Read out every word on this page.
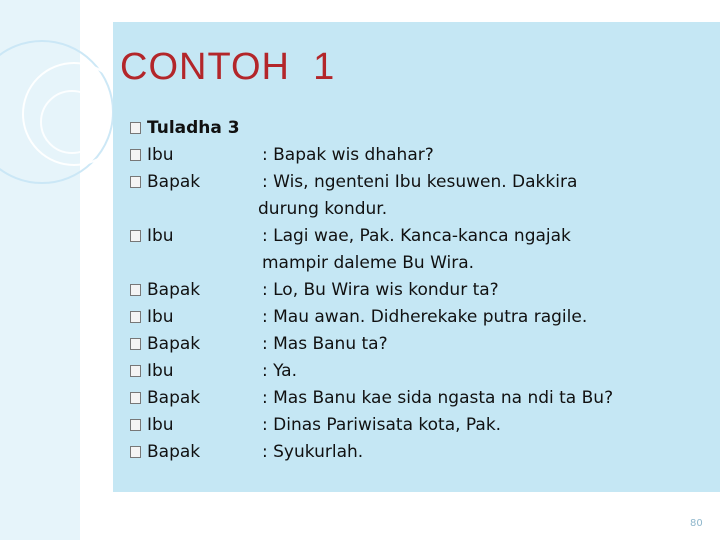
CONTOH  1
Tuladha 3
Ibu	: Bapak wis dhahar?
Bapak	: Wis, ngenteni Ibu kesuwen. Dakkira
durung kondur.
Ibu	: Lagi wae, Pak. Kanca-kanca ngajak
mampir daleme Bu Wira.
Bapak	: Lo, Bu Wira wis kondur ta?
Ibu	: Mau awan. Didherekake putra ragile.
Bapak	: Mas Banu ta?
Ibu	: Ya.
Bapak	: Mas Banu kae sida ngasta na ndi ta Bu?
Ibu	: Dinas Pariwisata kota, Pak.
Bapak	: Syukurlah.
80
